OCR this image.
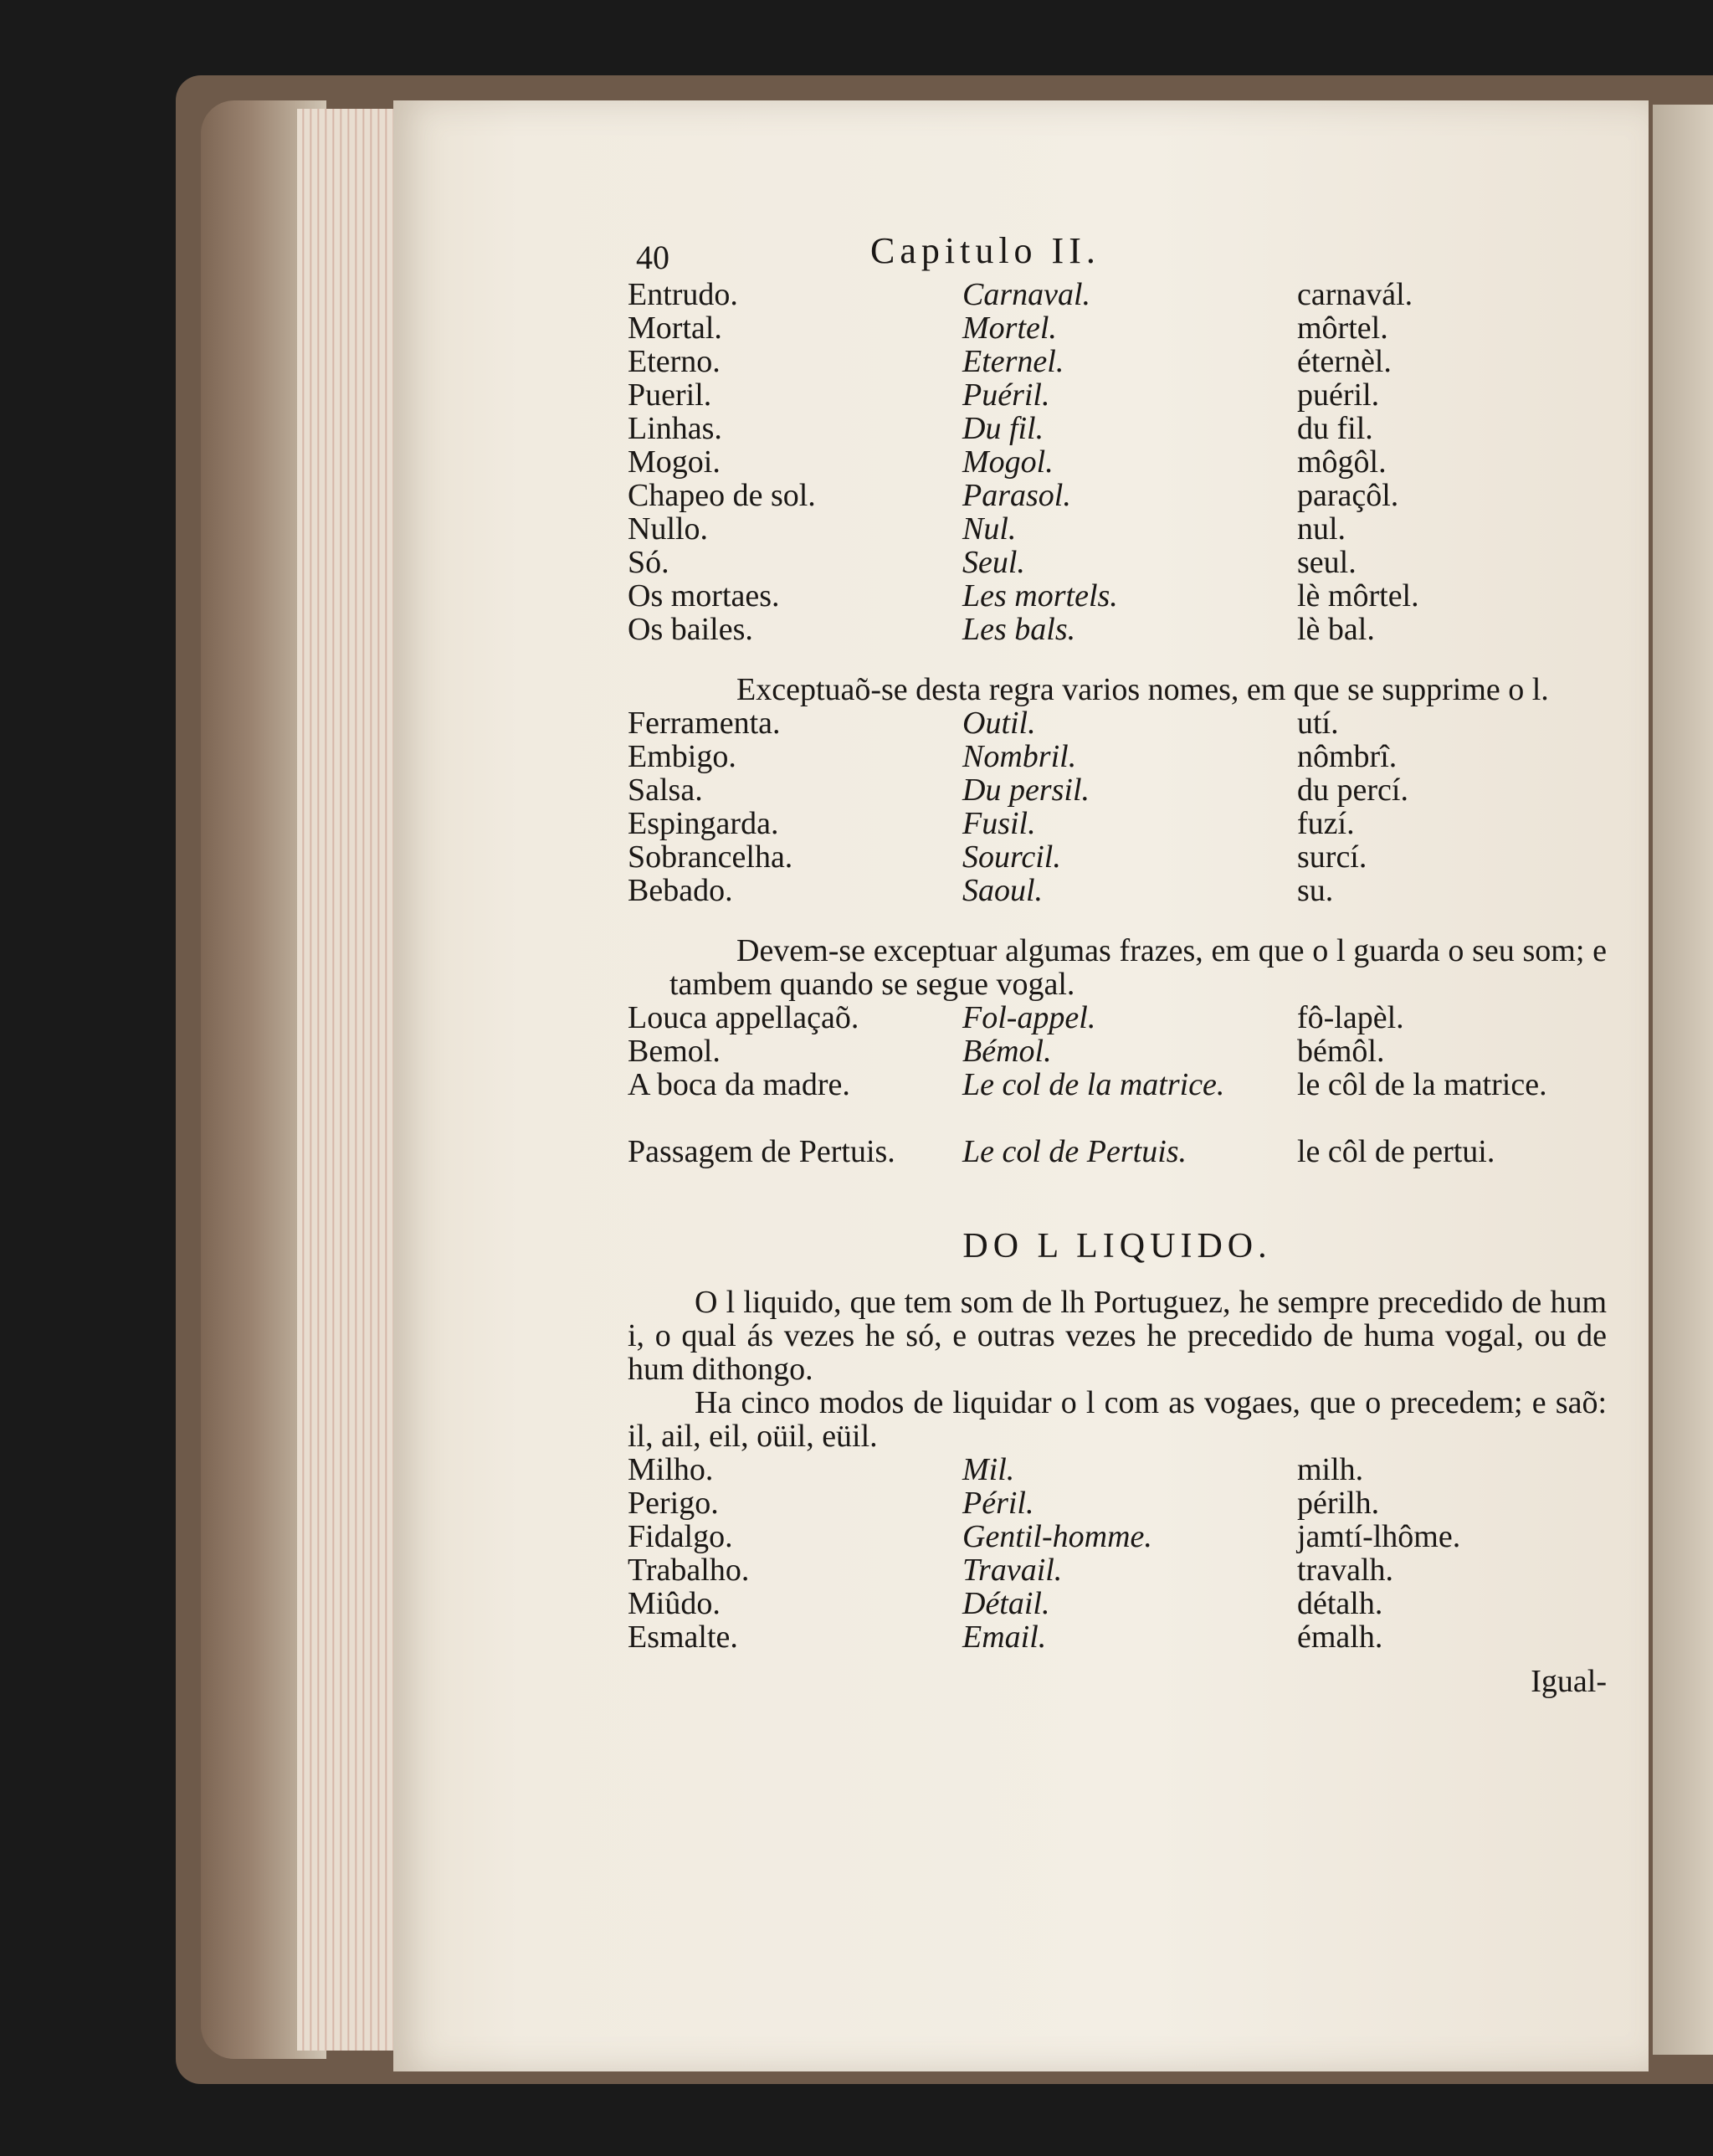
40	Capitulo II.
Entrudo.	Carnaval.	carnavál.
Mortal.	Mortel.	môrtel.
Eterno.	Eternel.	éternèl.
Pueril.	Puéril.	puéril.
Linhas.	Du fil.	du fil.
Mogoi.	Mogol.	môgôl.
Chapeo de sol.	Parasol.	paraçôl.
Nullo.	Nul.	nul.
Só.	Seul.	seul.
Os mortaes.	Les mortels.	lè môrtel.
Os bailes.	Les bals.	lè bal.

Exceptuaõ-se desta regra varios nomes, em que se supprime o l.

Ferramenta.	Outil.	utí.
Embigo.	Nombril.	nômbrî.
Salsa.	Du persil.	du percí.
Espingarda.	Fusil.	fuzí.
Sobrancelha.	Sourcil.	surcí.
Bebado.	Saoul.	su.

Devem-se exceptuar algumas frazes, em que o l guarda o seu som; e tambem quando se segue vogal.

Louca appellaçaõ.	Fol-appel.	fô-lapèl.
Bemol.	Bémol.	bémôl.
A boca da madre.	Le col de la matrice.	le côl de la matrice.
Passagem de Pertuis.	Le col de Pertuis.	le côl de pertui.
DO L LIQUIDO.

O l liquido, que tem som de lh Portuguez, he sempre precedido de hum i, o qual ás vezes he só, e outras vezes he precedido de huma vogal, ou de hum dithongo.

Ha cinco modos de liquidar o l com as vogaes, que o precedem; e saõ: il, ail, eil, oüil, eüil.

Milho.	Mil.	milh.
Perigo.	Péril.	périlh.
Fidalgo.	Gentil-homme.	jamtí-lhôme.
Trabalho.	Travail.	travalh.
Miûdo.	Détail.	détalh.
Esmalte.	Email.	émalh.
Igual-
